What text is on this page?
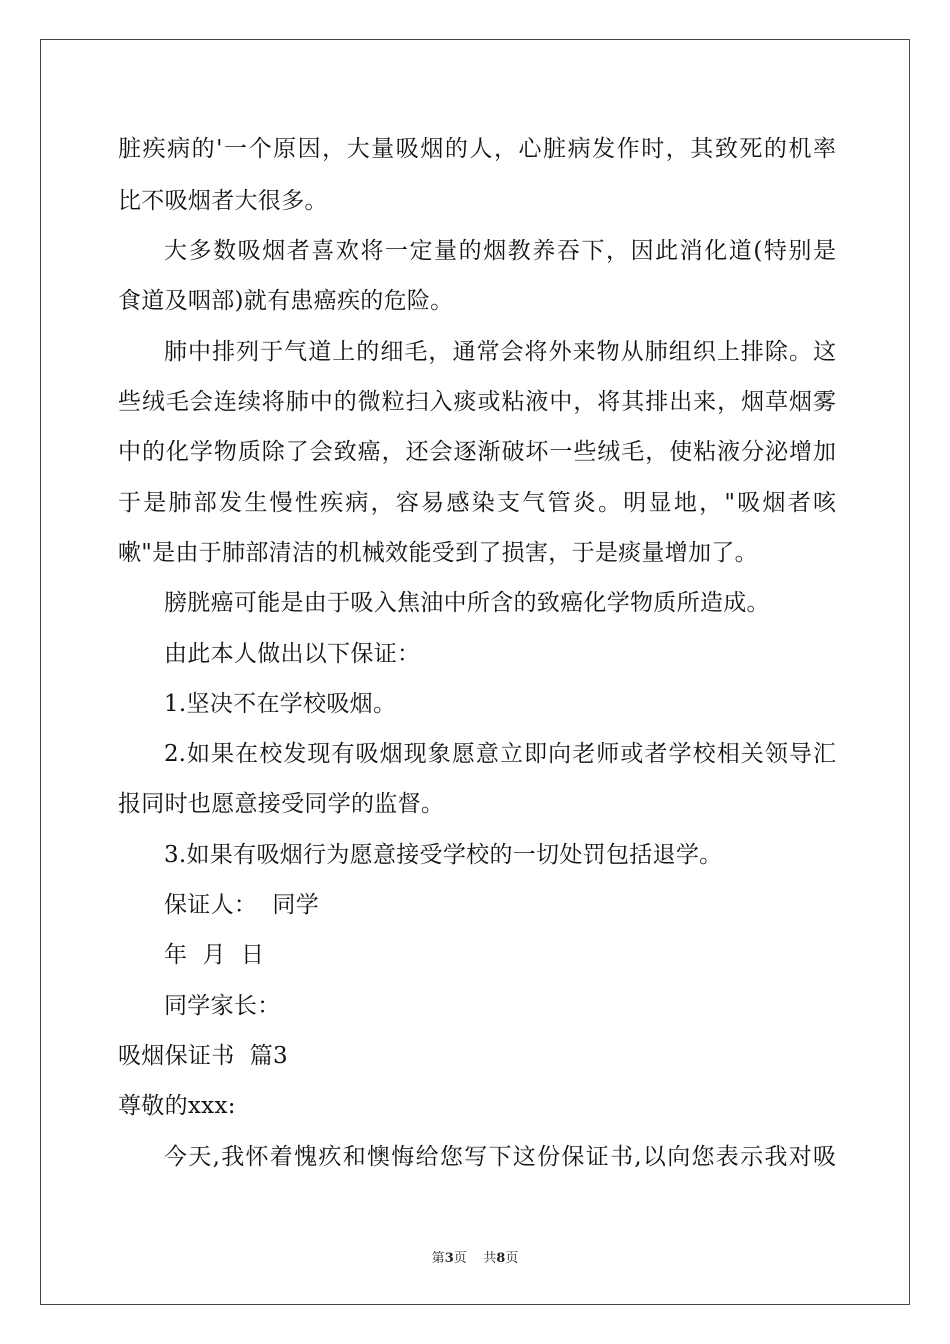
脏疾病的'一个原因，大量吸烟的人，心脏病发作时，其致死的机率
比不吸烟者大很多。
大多数吸烟者喜欢将一定量的烟教养吞下，因此消化道(特别是
食道及咽部)就有患癌疾的危险。
肺中排列于气道上的细毛，通常会将外来物从肺组织上排除。这
些绒毛会连续将肺中的微粒扫入痰或粘液中，将其排出来，烟草烟雾
中的化学物质除了会致癌，还会逐渐破坏一些绒毛，使粘液分泌增加
于是肺部发生慢性疾病，容易感染支气管炎。明显地，"吸烟者咳
嗽"是由于肺部清洁的机械效能受到了损害，于是痰量增加了。
膀胱癌可能是由于吸入焦油中所含的致癌化学物质所造成。
由此本人做出以下保证：
1.坚决不在学校吸烟。
2.如果在校发现有吸烟现象愿意立即向老师或者学校相关领导汇
报同时也愿意接受同学的监督。
3.如果有吸烟行为愿意接受学校的一切处罚包括退学。
保证人：  同学
年  月  日
同学家长：
吸烟保证书  篇3
尊敬的xxx:
今天,我怀着愧疚和懊悔给您写下这份保证书,以向您表示我对吸
第3页    共8页
